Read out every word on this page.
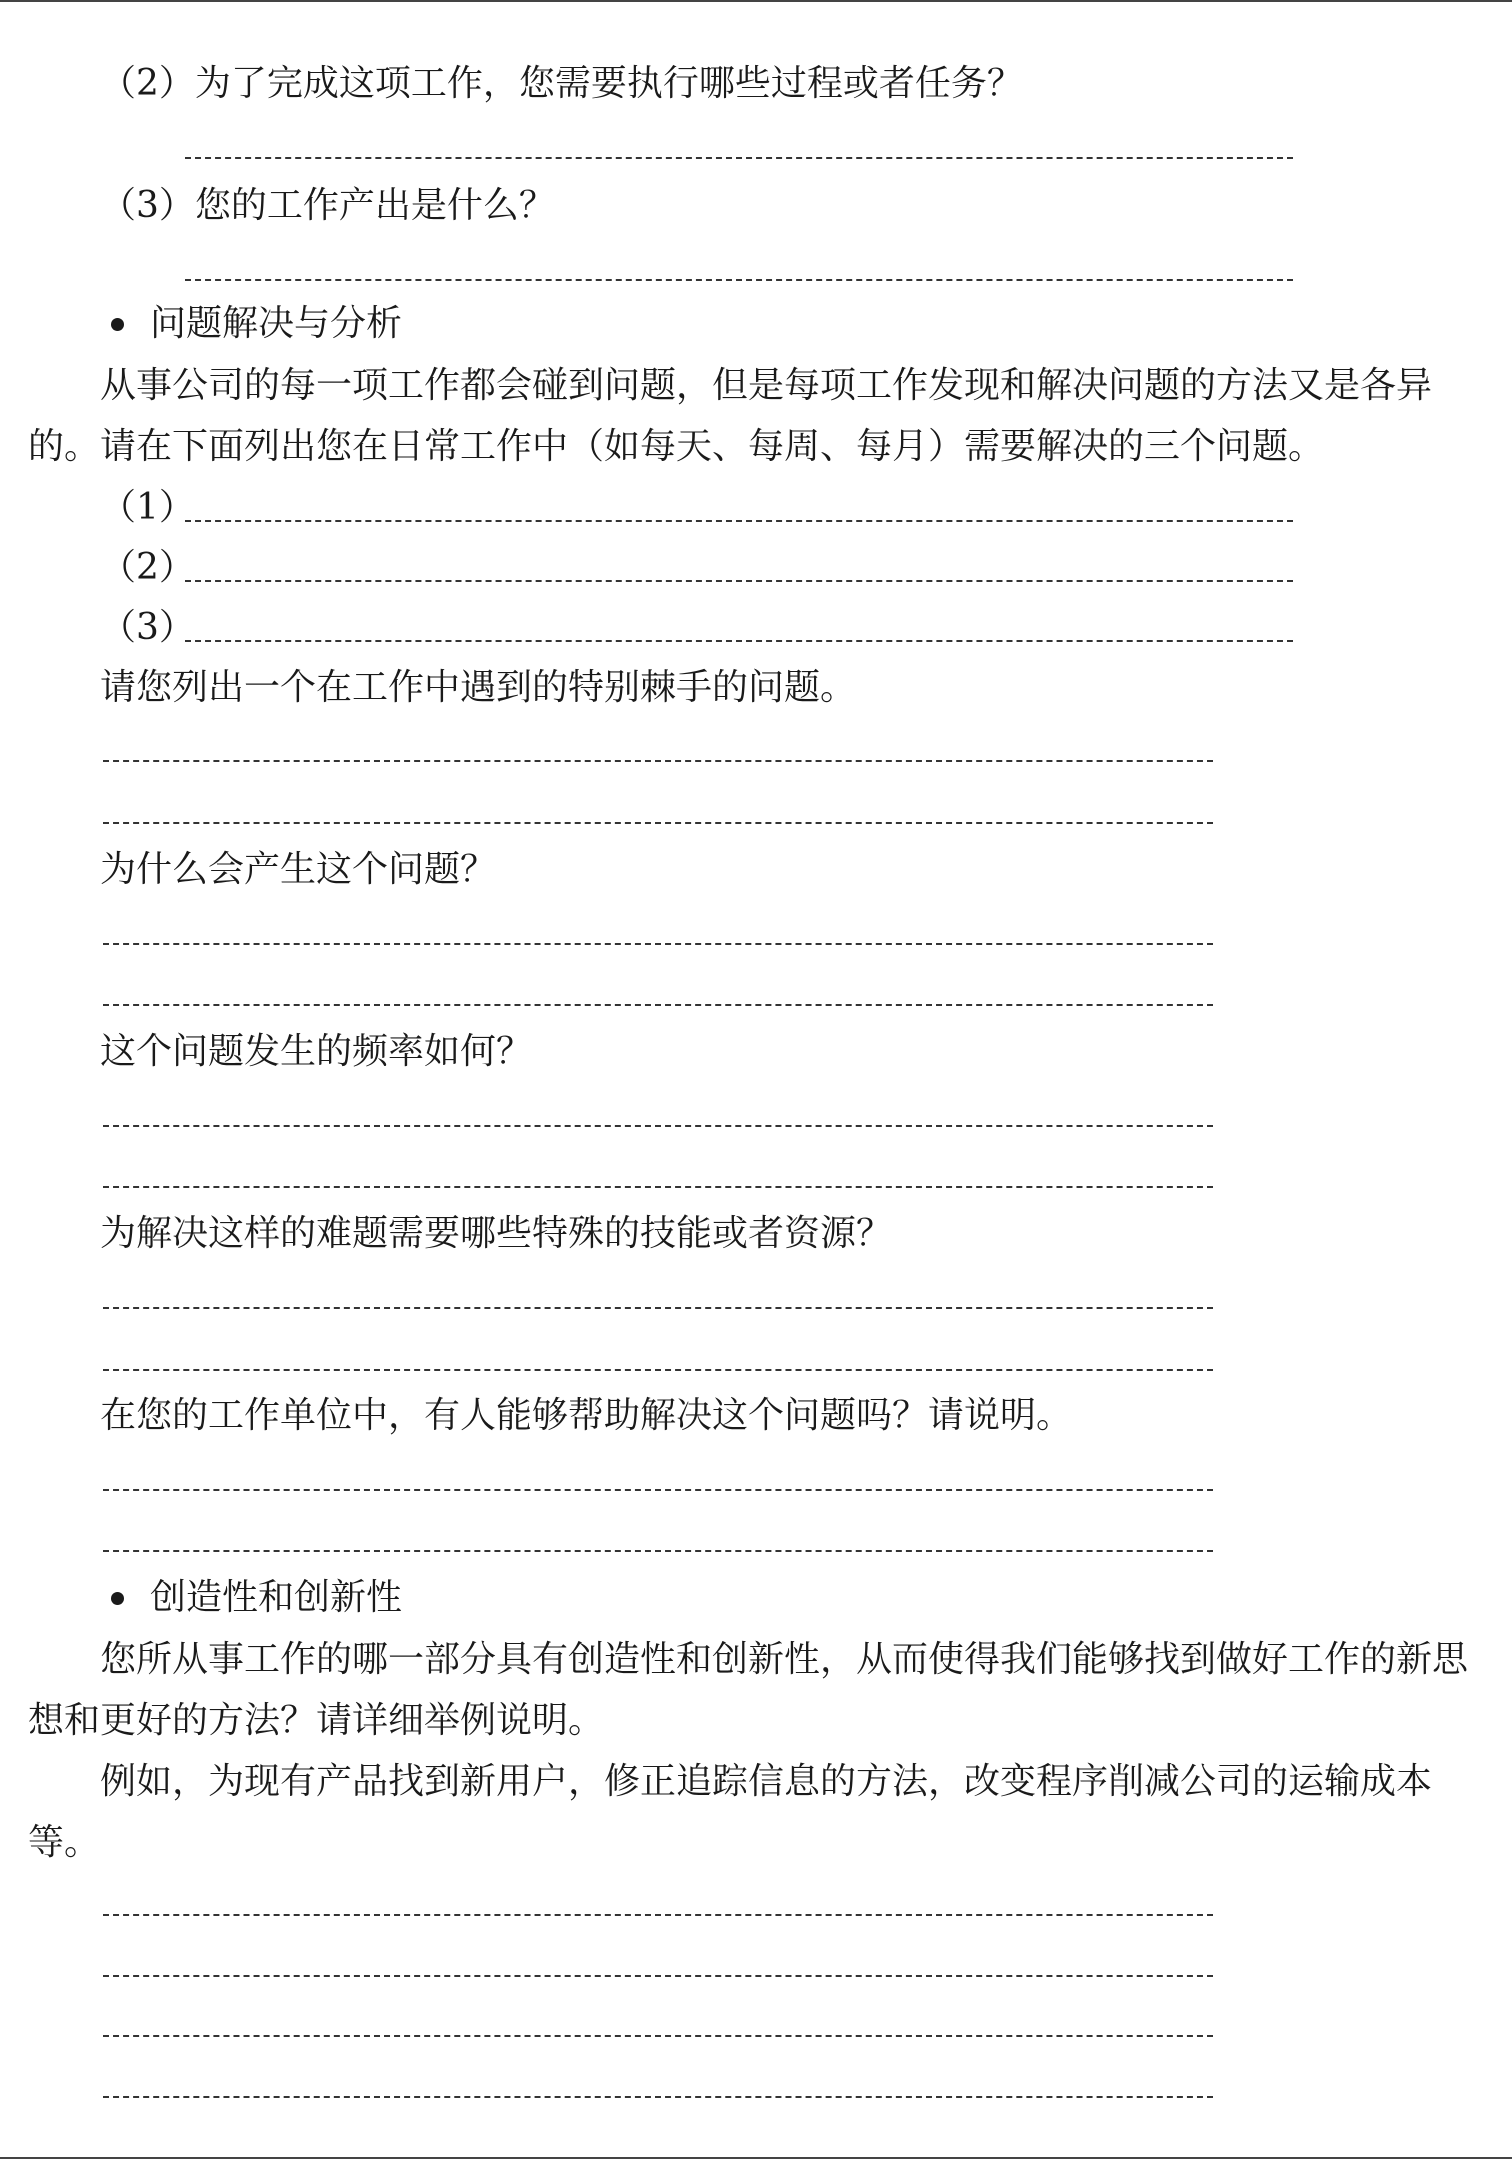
（2）为了完成这项工作，您需要执行哪些过程或者任务？
（3）您的工作产出是什么？
问题解决与分析
从事公司的每一项工作都会碰到问题，但是每项工作发现和解决问题的方法又是各异的。请在下面列出您在日常工作中（如每天、每周、每月）需要解决的三个问题。
（1）
（2）
（3）
请您列出一个在工作中遇到的特别棘手的问题。
为什么会产生这个问题？
这个问题发生的频率如何？
为解决这样的难题需要哪些特殊的技能或者资源？
在您的工作单位中，有人能够帮助解决这个问题吗？请说明。
创造性和创新性
您所从事工作的哪一部分具有创造性和创新性，从而使得我们能够找到做好工作的新思想和更好的方法？请详细举例说明。
例如，为现有产品找到新用户，修正追踪信息的方法，改变程序削减公司的运输成本等。
